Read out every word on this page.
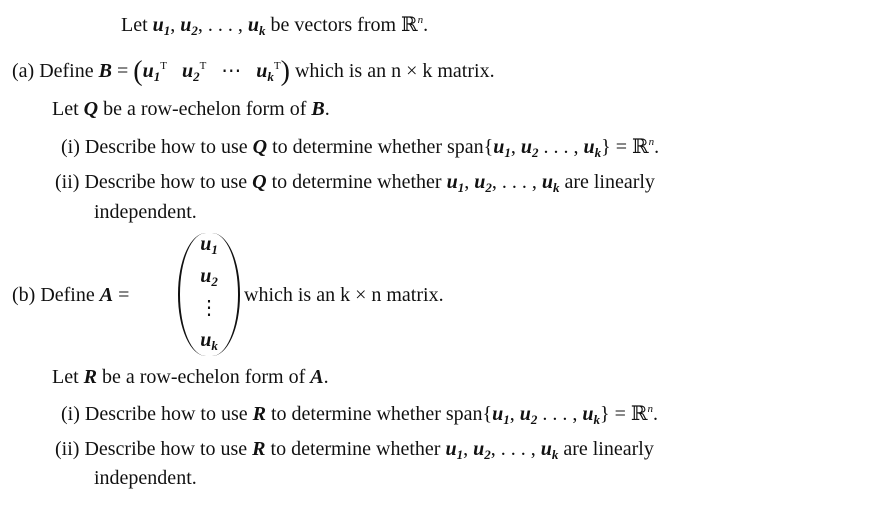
Let $u_1$, $u_2$, . . . , $u_k$ be vectors from ℝ$^n$.
(a) Define $B = (u_1^T$ $u_2^T$ ⋯ $u_k^T$) which is an n × k matrix.
Let Q be a row-echelon form of B.
(i) Describe how to use Q to determine whether $span\{u_1$, $u_2$ . . . , $u_k$} = ℝ$^n$.
(ii) Describe how to use Q to determine whether $u_1$, $u_2$, . . . , $u_k$ are linearly
independent.
(b) Define A =
$u_1$
$u_2$
⋮
$u_k$
which is an k × n matrix.
Let R be a row-echelon form of A.
(i) Describe how to use R to determine whether $span\{u_1$, $u_2$ . . . , $u_k$} = ℝ$^n$.
(ii) Describe how to use R to determine whether $u_1$, $u_2$, . . . , $u_k$ are linearly
independent.
